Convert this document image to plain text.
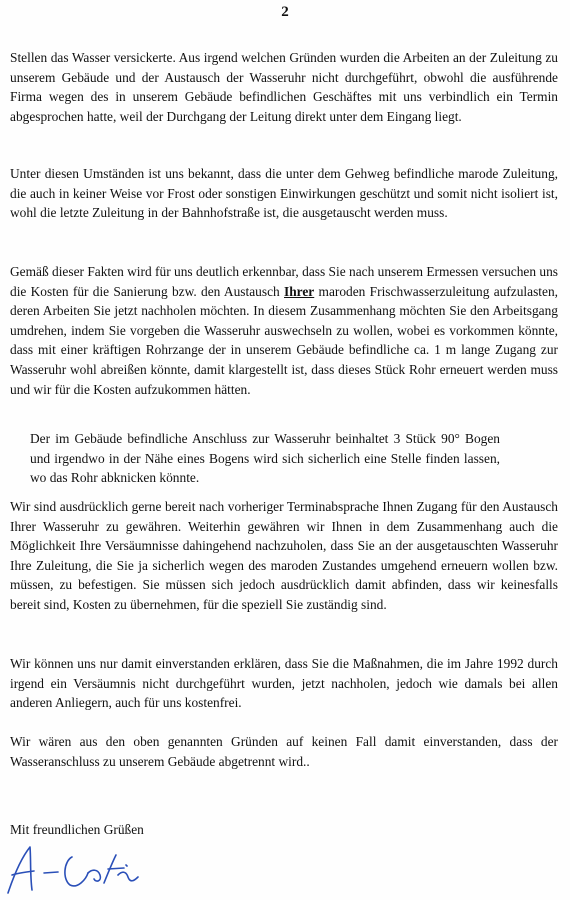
2

Stellen das Wasser versickerte. Aus irgend welchen Gründen wurden die Arbeiten an der Zuleitung zu unserem Gebäude und der Austausch der Wasseruhr nicht durchgeführt, obwohl die ausführende Firma wegen des in unserem Gebäude befindlichen Geschäftes mit uns verbindlich ein Termin abgesprochen hatte, weil der Durchgang der Leitung direkt unter dem Eingang liegt.

Unter diesen Umständen ist uns bekannt, dass die unter dem Gehweg befindliche marode Zuleitung, die auch in keiner Weise vor Frost oder sonstigen Einwirkungen geschützt und somit nicht isoliert ist, wohl die letzte Zuleitung in der Bahnhofstraße ist, die ausgetauscht werden muss.

Gemäß dieser Fakten wird für uns deutlich erkennbar, dass Sie nach unserem Ermessen versuchen uns die Kosten für die Sanierung bzw. den Austausch Ihrer maroden Frischwasserzuleitung aufzulasten, deren Arbeiten Sie jetzt nachholen möchten. In diesem Zusammenhang möchten Sie den Arbeitsgang umdrehen, indem Sie vorgeben die Wasseruhr auswechseln zu wollen, wobei es vorkommen könnte, dass mit einer kräftigen Rohrzange der in unserem Gebäude befindliche ca. 1 m lange Zugang zur Wasseruhr wohl abreißen könnte, damit klargestellt ist, dass dieses Stück Rohr erneuert werden muss und wir für die Kosten aufzukommen hätten.

Der im Gebäude befindliche Anschluss zur Wasseruhr beinhaltet 3 Stück 90° Bogen und irgendwo in der Nähe eines Bogens wird sich sicherlich eine Stelle finden lassen, wo das Rohr abknicken könnte.

Wir sind ausdrücklich gerne bereit nach vorheriger Terminabsprache Ihnen Zugang für den Austausch Ihrer Wasseruhr zu gewähren. Weiterhin gewähren wir Ihnen in dem Zusammenhang auch die Möglichkeit Ihre Versäumnisse dahingehend nachzuholen, dass Sie an der ausgetauschten Wasseruhr Ihre Zuleitung, die Sie ja sicherlich wegen des maroden Zustandes umgehend erneuern wollen bzw. müssen, zu befestigen. Sie müssen sich jedoch ausdrücklich damit abfinden, dass wir keinesfalls bereit sind, Kosten zu übernehmen, für die speziell Sie zuständig sind.

Wir können uns nur damit einverstanden erklären, dass Sie die Maßnahmen, die im Jahre 1992 durch irgend ein Versäumnis nicht durchgeführt wurden, jetzt nachholen, jedoch wie damals bei allen anderen Anliegern, auch für uns kostenfrei.

Wir wären aus den oben genannten Gründen auf keinen Fall damit einverstanden, dass der Wasseranschluss zu unserem Gebäude abgetrennt wird..

Mit freundlichen Grüßen
